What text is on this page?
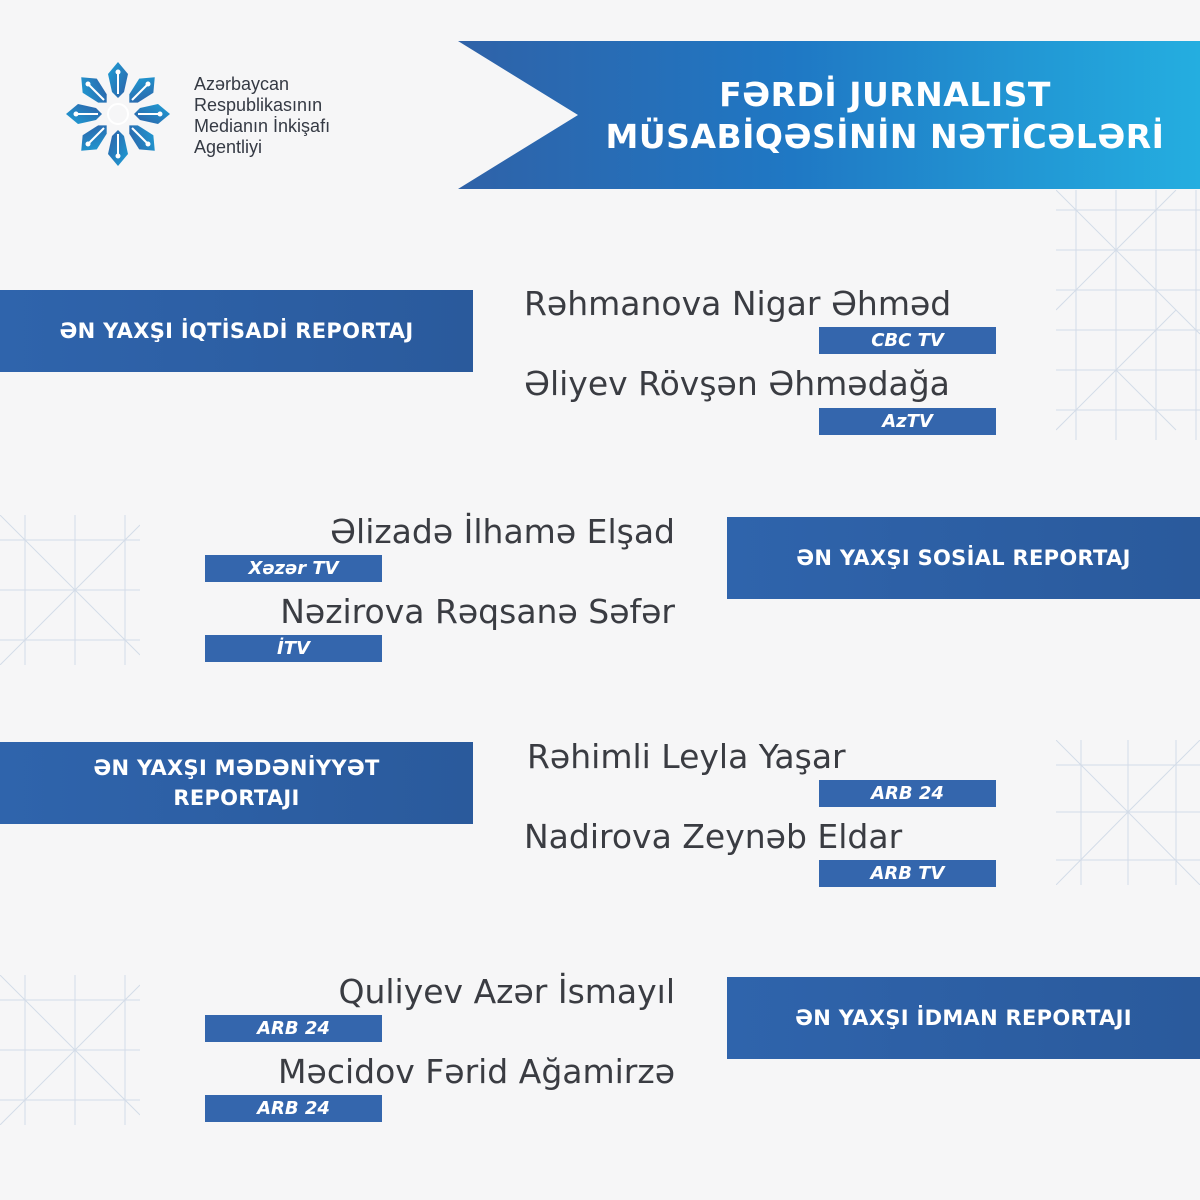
Azərbaycan
Respublikasının
Medianın İnkişafı
Agentliyi
FƏRDİ JURNALIST
MÜSABİQƏSİNİN NƏTİCƏLƏRİ
ƏN YAXŞI İQTİSADİ REPORTAJ
Rəhmanova Nigar Əhməd
CBC TV
Əliyev Rövşən Əhmədağa
AzTV
ƏN YAXŞI SOSİAL REPORTAJ
Əlizadə İlhamə Elşad
Xəzər TV
Nəzirova Rəqsanə Səfər
İTV
ƏN YAXŞI MƏDƏNİYYƏT
REPORTAJI
Rəhimli Leyla Yaşar
ARB 24
Nadirova Zeynəb Eldar
ARB TV
ƏN YAXŞI İDMAN REPORTAJI
Quliyev Azər İsmayıl
ARB 24
Məcidov Fərid Ağamirzə
ARB 24
